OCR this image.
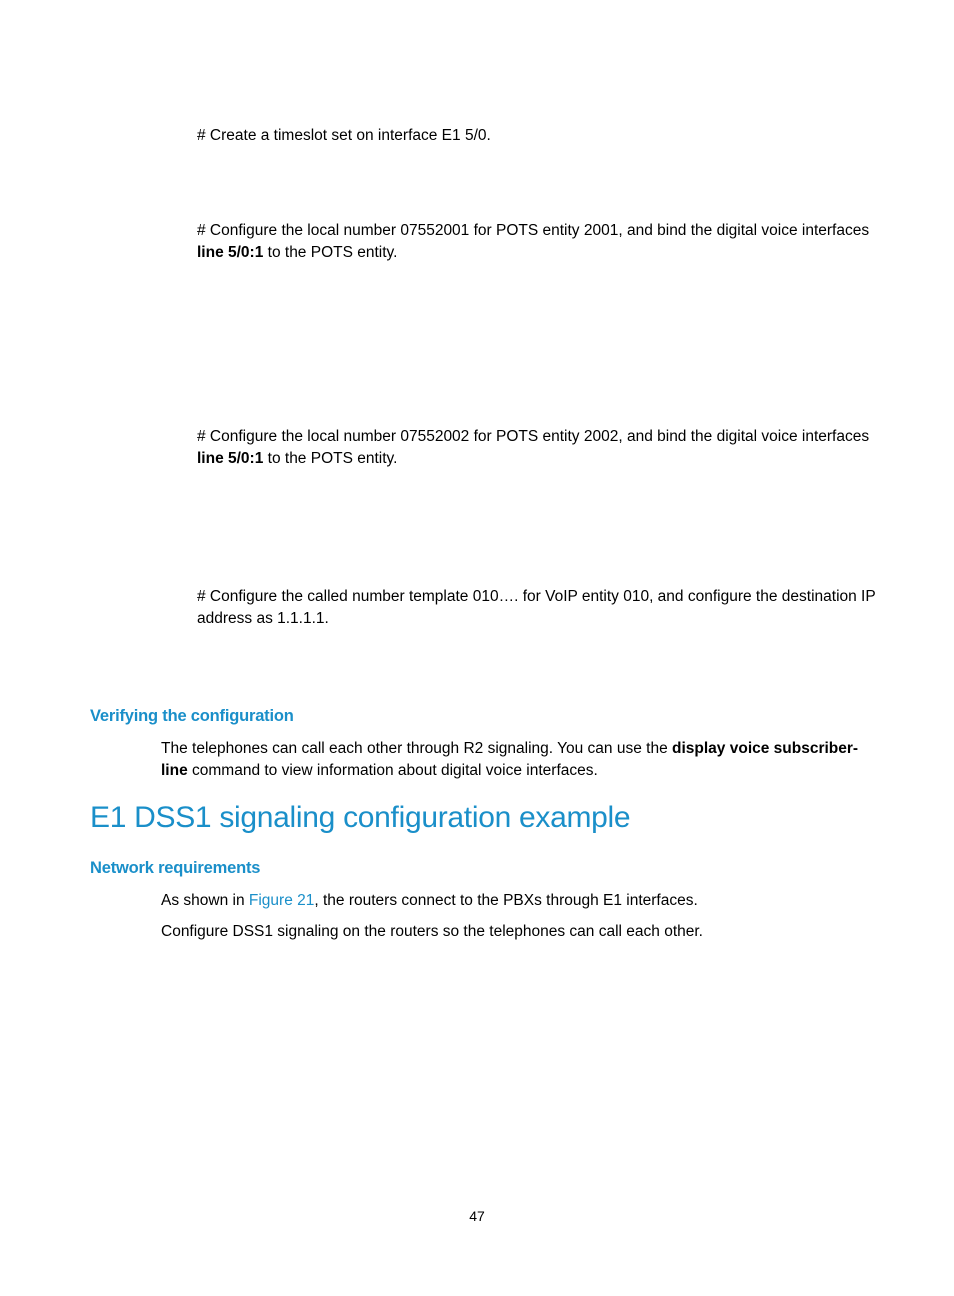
# Create a timeslot set on interface E1 5/0.
# Configure the local number 07552001 for POTS entity 2001, and bind the digital voice interfaces line 5/0:1 to the POTS entity.
# Configure the local number 07552002 for POTS entity 2002, and bind the digital voice interfaces line 5/0:1 to the POTS entity.
# Configure the called number template 010…. for VoIP entity 010, and configure the destination IP address as 1.1.1.1.
Verifying the configuration
The telephones can call each other through R2 signaling. You can use the display voice subscriber-line command to view information about digital voice interfaces.
E1 DSS1 signaling configuration example
Network requirements
As shown in Figure 21, the routers connect to the PBXs through E1 interfaces.
Configure DSS1 signaling on the routers so the telephones can call each other.
47
